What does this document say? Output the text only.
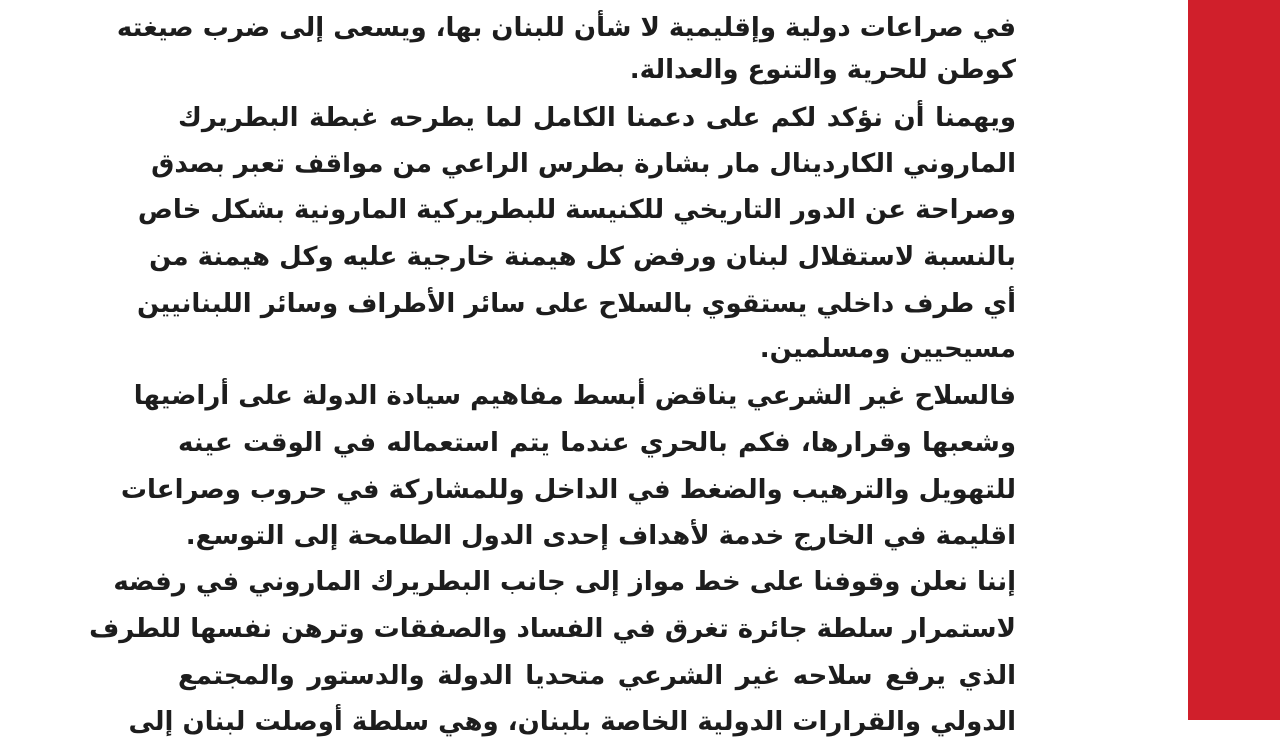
في صراعات دولية وإقليمية لا شأن للبنان بها، ويسعى إلى ضرب صيغته
كوطن للحرية والتنوع والعدالة.
ويهمنا أن نؤكد لكم على دعمنا الكامل لما يطرحه غبطة البطريرك
الماروني الكاردينال مار بشارة بطرس الراعي من مواقف تعبر بصدق
وصراحة عن الدور التاريخي للكنيسة للبطريركية المارونية بشكل خاص
بالنسبة لاستقلال لبنان ورفض كل هيمنة خارجية عليه وكل هيمنة من
أي طرف داخلي يستقوي بالسلاح على سائر الأطراف وسائر اللبنانيين
مسيحيين ومسلمين.
فالسلاح غير الشرعي يناقض أبسط مفاهيم سيادة الدولة على أراضيها
وشعبها وقرارها، فكم بالحري عندما يتم استعماله في الوقت عينه
للتهويل والترهيب والضغط في الداخل وللمشاركة في حروب وصراعات
اقليمة في الخارج خدمة لأهداف إحدى الدول الطامحة إلى التوسع.
إننا نعلن وقوفنا على خط مواز إلى جانب البطريرك الماروني في رفضه
لاستمرار سلطة جائرة تغرق في الفساد والصفقات وترهن نفسها للطرف
الذي يرفع سلاحه غير الشرعي متحديا الدولة والدستور والمجتمع
الدولي والقرارات الدولية الخاصة بلبنان، وهي سلطة أوصلت لبنان إلى
